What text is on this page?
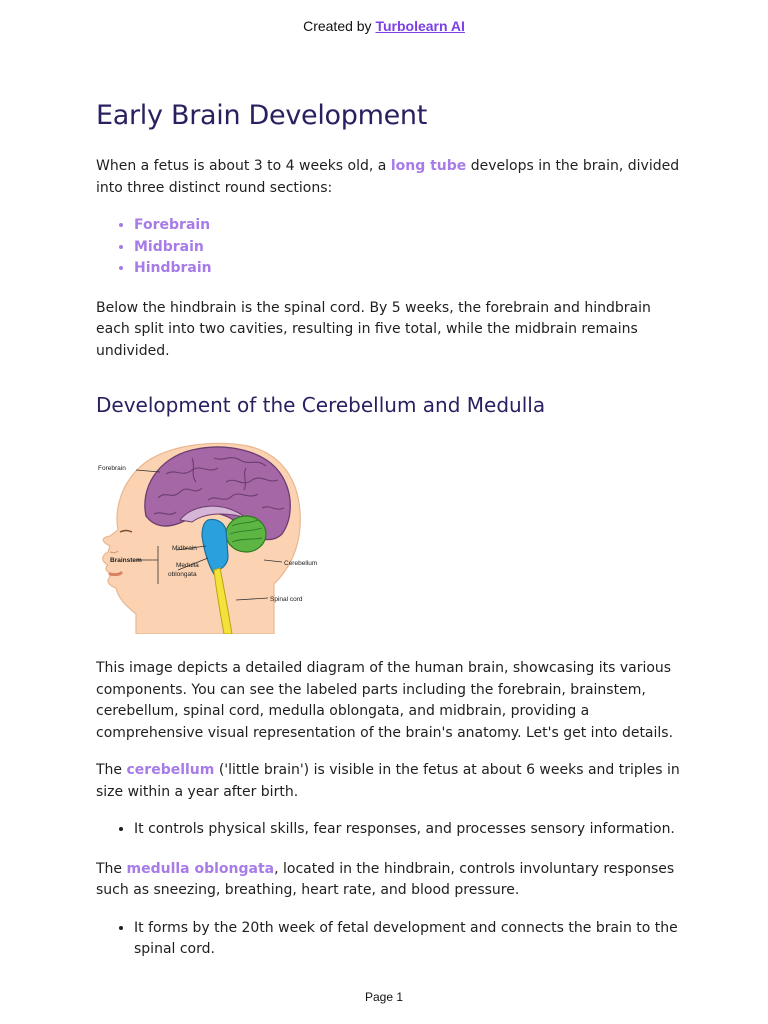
Created by Turbolearn AI
Early Brain Development

When a fetus is about 3 to 4 weeks old, a long tube develops in the brain, divided into three distinct round sections:

• Forebrain
• Midbrain
• Hindbrain

Below the hindbrain is the spinal cord. By 5 weeks, the forebrain and hindbrain each split into two cavities, resulting in five total, while the midbrain remains undivided.

Development of the Cerebellum and Medulla
Forebrain
Brainstem
Midbrain
Medulla
oblongata
Cerebellum
Spinal cord

This image depicts a detailed diagram of the human brain, showcasing its various components. You can see the labeled parts including the forebrain, brainstem, cerebellum, spinal cord, medulla oblongata, and midbrain, providing a comprehensive visual representation of the brain's anatomy. Let's get into details.

The cerebellum ('little brain') is visible in the fetus at about 6 weeks and triples in size within a year after birth.

• It controls physical skills, fear responses, and processes sensory information.

The medulla oblongata, located in the hindbrain, controls involuntary responses such as sneezing, breathing, heart rate, and blood pressure.

• It forms by the 20th week of fetal development and connects the brain to the spinal cord.
Page 1
